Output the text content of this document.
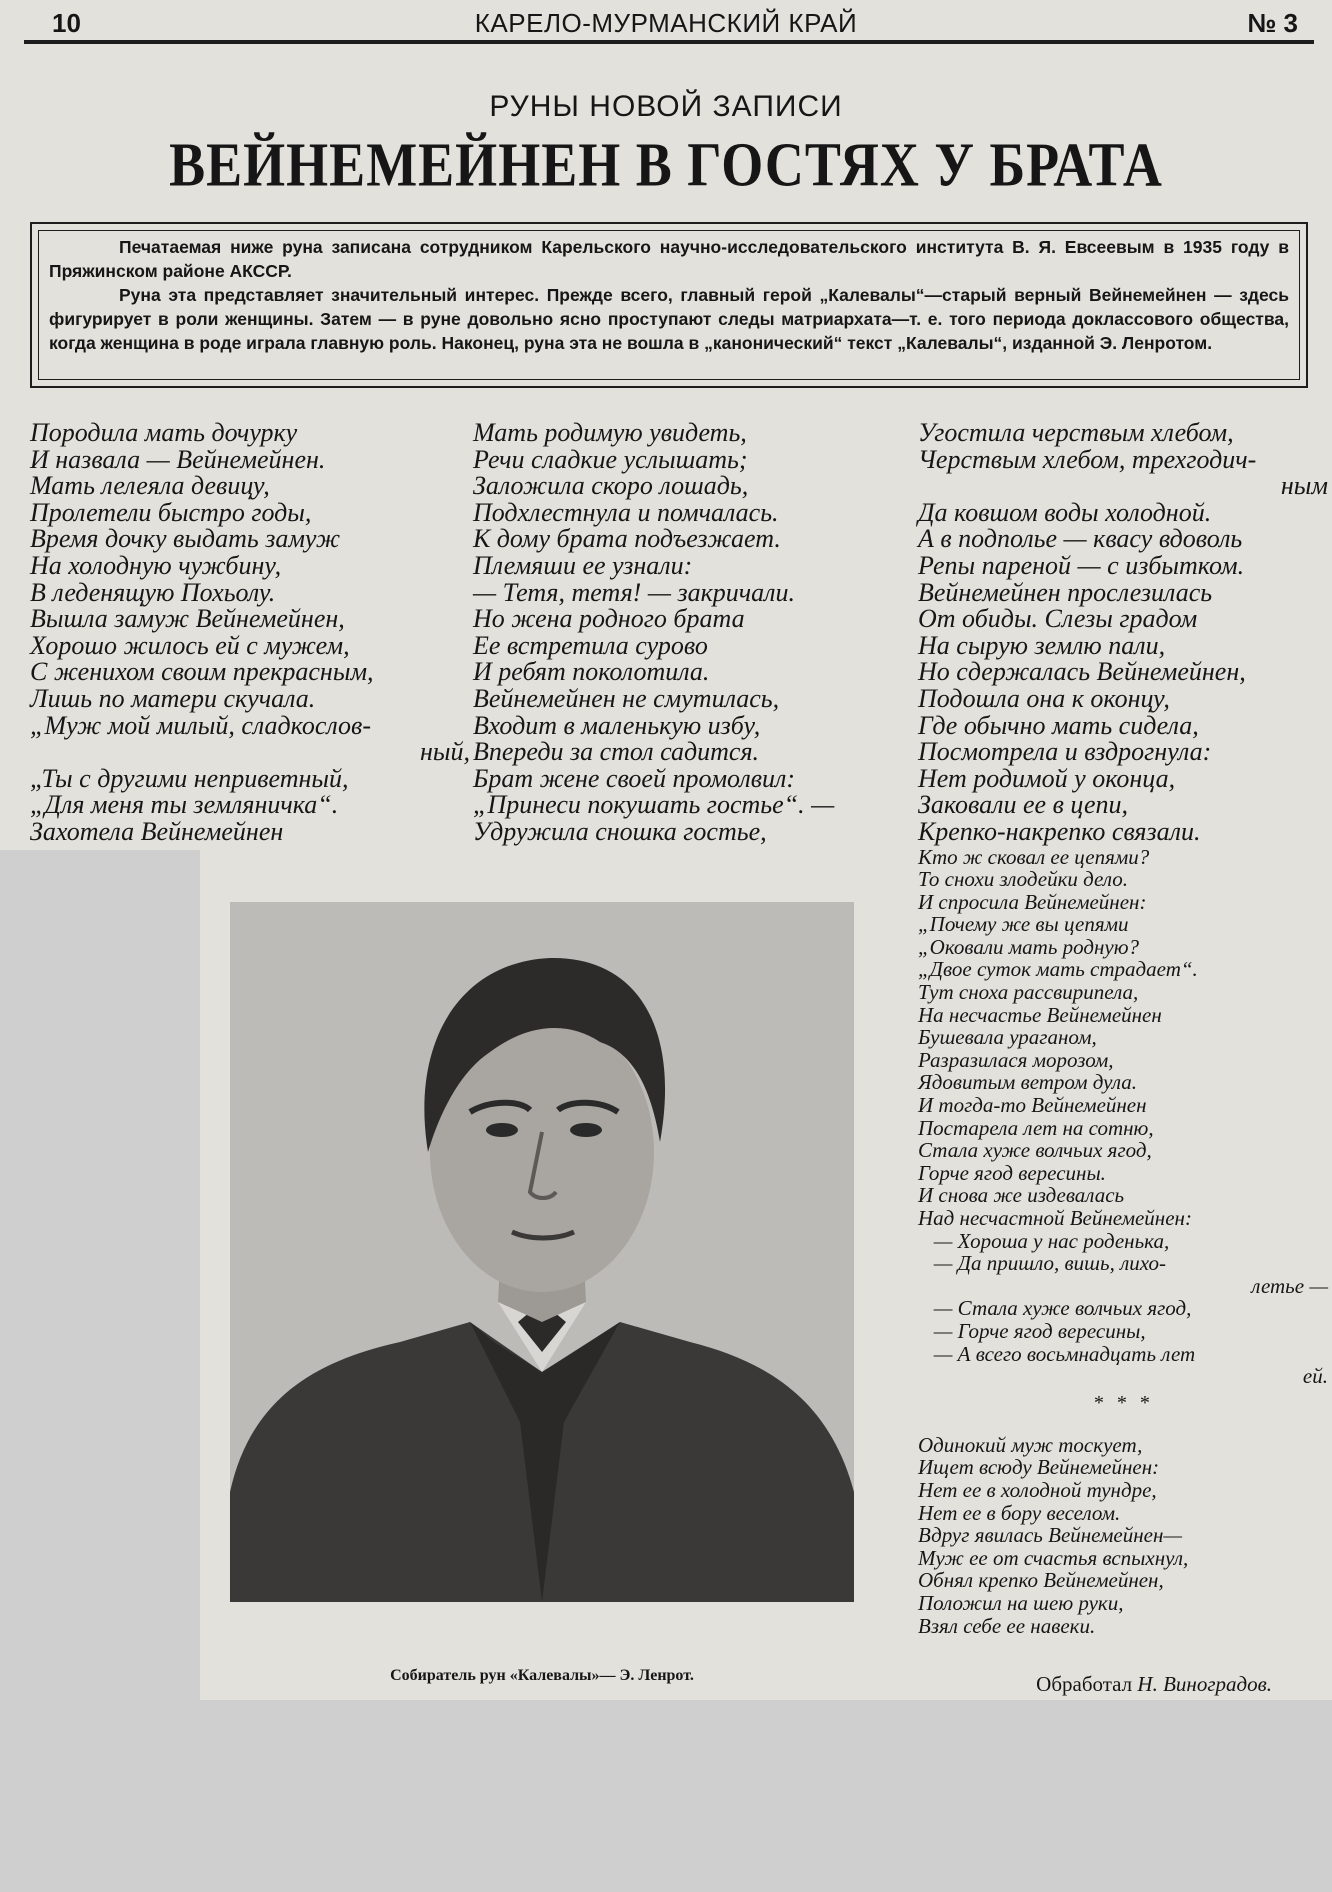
10	КАРЕЛО-МУРМАНСКИЙ КРАЙ	№ 3
РУНЫ НОВОЙ ЗАПИСИ
ВЕЙНЕМЕЙНЕН В ГОСТЯХ У БРАТА

Печатаемая ниже руна записана сотрудником Карельского научно-исследовательского института В. Я. Евсеевым в 1935 году в Пряжинском районе АКССР.

Руна эта представляет значительный интерес. Прежде всего, главный герой „Калевалы“—старый верный Вейнемейнен — здесь фигурирует в роли женщины. Затем — в руне довольно ясно проступают следы матриархата—т. е. того периода доклассового общества, когда женщина в роде играла главную роль. Наконец, руна эта не вошла в „канонический“ текст „Калевалы“, изданной Э. Ленротом.

Породила мать дочурку
И назвала — Вейнемейнен.
Мать лелеяла девицу,
Пролетели быстро годы,
Время дочку выдать замуж
На холодную чужбину,
В леденящую Похьолу.
Вышла замуж Вейнемейнен,
Хорошо жилось ей с мужем,
С женихом своим прекрасным,
Лишь по матери скучала.
„Муж мой милый, сладкослов-
ный,
„Ты с другими неприветный,
„Для меня ты земляничка“.
Захотела Вейнемейнен
Мать родимую увидеть,
Речи сладкие услышать;
Заложила скоро лошадь,
Подхлестнула и помчалась.
К дому брата подъезжает.
Племяши ее узнали:
— Тетя, тетя! — закричали.
Но жена родного брата
Ее встретила сурово
И ребят поколотила.
Вейнемейнен не смутилась,
Входит в маленькую избу,
Впереди за стол садится.
Брат жене своей промолвил:
„Принеси покушать гостье“. —
Удружила сношка гостье,
Угостила черствым хлебом,
Черствым хлебом, трехгодич-
ным
Да ковшом воды холодной.
А в подполье — квасу вдоволь
Репы пареной — с избытком.
Вейнемейнен прослезилась
От обиды. Слезы градом
На сырую землю пали,
Но сдержалась Вейнемейнен,
Подошла она к оконцу,
Где обычно мать сидела,
Посмотрела и вздрогнула:
Нет родимой у оконца,
Заковали ее в цепи,
Крепко-накрепко связали.
Кто ж сковал ее цепями?
То снохи злодейки дело.
И спросила Вейнемейнен:
„Почему же вы цепями
„Оковали мать родную?
„Двое суток мать страдает“.
Тут сноха рассвирипела,
На несчастье Вейнемейнен
Бушевала ураганом,
Разразилася морозом,
Ядовитым ветром дула.
И тогда-то Вейнемейнен
Постарела лет на сотню,
Стала хуже волчьих ягод,
Горче ягод вересины.
И снова же издевалась
Над несчастной Вейнемейнен:
— Хороша у нас роденька,
— Да пришло, вишь, лихо-
летье —
— Стала хуже волчьих ягод,
— Горче ягод вересины,
— А всего восьмнадцать лет
ей.
* * *
Одинокий муж тоскует,
Ищет всюду Вейнемейнен:
Нет ее в холодной тундре,
Нет ее в бору веселом.
Вдруг явилась Вейнемейнен—
Муж ее от счастья вспыхнул,
Обнял крепко Вейнемейнен,
Положил на шею руки,
Взял себе ее навеки.
Собиратель рун «Калевалы»— Э. Ленрот.	Обработал Н. Виноградов.
